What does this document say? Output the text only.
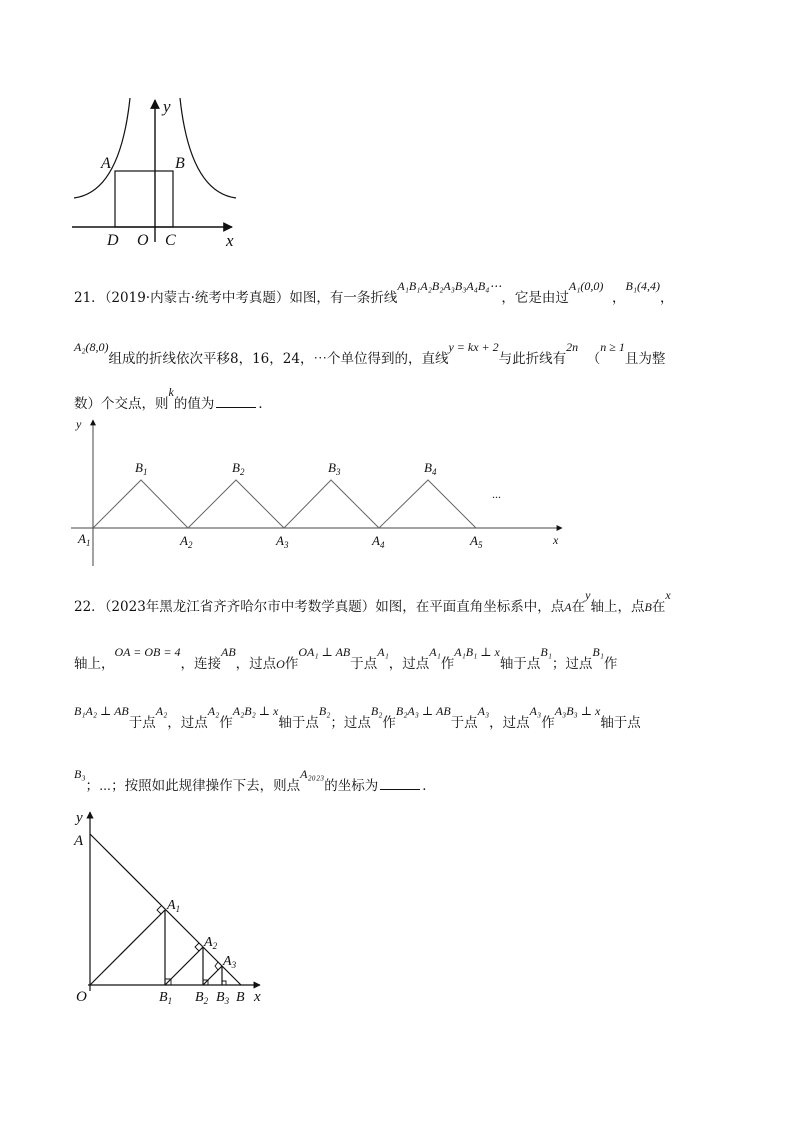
y
x
A	B
D O C
21．（2019·内蒙古·统考中考真题）如图，有一条折线A₁B₁A₂B₂A₃B₃A₄B₄⋯，它是由过A₁(0,0)  ，B₁(4,4)，
A₂(8,0)组成的折线依次平移8，16，24，⋯个单位得到的，直线y = kx + 2与此折线有2n  （n ≥ 1且为整
数）个交点，则k的值为	．
y
x
...
$B_1$	$B_2$	$B_3$	$B_4$
$A_1$	$A_2$	$A_3$	$A_4$	$A_5$
22．（2023年黑龙江省齐齐哈尔市中考数学真题）如图，在平面直角坐标系中，点A在y轴上，点B在x
轴上，OA = OB = 4，连接AB，过点O作OA₁ ⊥ AB于点A₁，过点A₁作A₁B₁ ⊥ x轴于点B₁；过点B₁作
B₁A₂ ⊥ AB于点A₂，过点A₂作A₂B₂ ⊥ x轴于点B₂；过点B₂作B₂A₃ ⊥ AB于点A₃，过点A₃作A₃B₃ ⊥ x轴于点
B₃；⋯；按照如此规律操作下去，则点A₂₀₂₃的坐标为	．
y
A
$A_1$
$A_2$
$A_3$
O	$B_1$ $B_2$ $B_3$ B x
